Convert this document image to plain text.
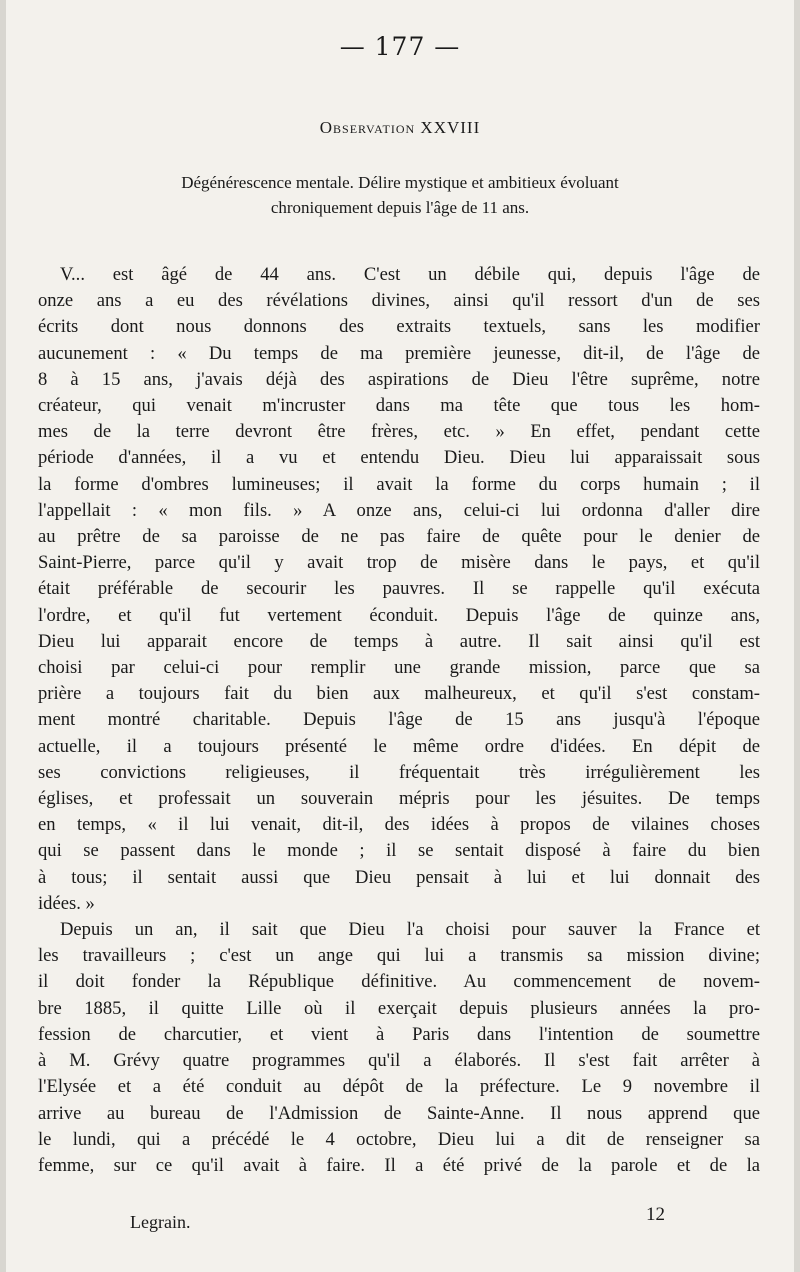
— 177 —
Observation XXVIII
Dégénérescence mentale. Délire mystique et ambitieux évoluant
chroniquement depuis l'âge de 11 ans.
V... est âgé de 44 ans. C'est un débile qui, depuis l'âge de
onze ans a eu des révélations divines, ainsi qu'il ressort d'un de ses
écrits dont nous donnons des extraits textuels, sans les modifier
aucunement : « Du temps de ma première jeunesse, dit-il, de l'âge de
8 à 15 ans, j'avais déjà des aspirations de Dieu l'être suprême, notre
créateur, qui venait m'incruster dans ma tête que tous les hom-
mes de la terre devront être frères, etc. » En effet, pendant cette
période d'années, il a vu et entendu Dieu. Dieu lui apparaissait sous
la forme d'ombres lumineuses; il avait la forme du corps humain ; il
l'appellait : « mon fils. » A onze ans, celui-ci lui ordonna d'aller dire
au prêtre de sa paroisse de ne pas faire de quête pour le denier de
Saint-Pierre, parce qu'il y avait trop de misère dans le pays, et qu'il
était préférable de secourir les pauvres. Il se rappelle qu'il exécuta
l'ordre, et qu'il fut vertement éconduit. Depuis l'âge de quinze ans,
Dieu lui apparait encore de temps à autre. Il sait ainsi qu'il est
choisi par celui-ci pour remplir une grande mission, parce que sa
prière a toujours fait du bien aux malheureux, et qu'il s'est constam-
ment montré charitable. Depuis l'âge de 15 ans jusqu'à l'époque
actuelle, il a toujours présenté le même ordre d'idées. En dépit de
ses convictions religieuses, il fréquentait très irrégulièrement les
églises, et professait un souverain mépris pour les jésuites. De temps
en temps, « il lui venait, dit-il, des idées à propos de vilaines choses
qui se passent dans le monde ; il se sentait disposé à faire du bien
à tous; il sentait aussi que Dieu pensait à lui et lui donnait des
idées. »
Depuis un an, il sait que Dieu l'a choisi pour sauver la France et
les travailleurs ; c'est un ange qui lui a transmis sa mission divine;
il doit fonder la République définitive. Au commencement de novem-
bre 1885, il quitte Lille où il exerçait depuis plusieurs années la pro-
fession de charcutier, et vient à Paris dans l'intention de soumettre
à M. Grévy quatre programmes qu'il a élaborés. Il s'est fait arrêter à
l'Elysée et a été conduit au dépôt de la préfecture. Le 9 novembre il
arrive au bureau de l'Admission de Sainte-Anne. Il nous apprend que
le lundi, qui a précédé le 4 octobre, Dieu lui a dit de renseigner sa
femme, sur ce qu'il avait à faire. Il a été privé de la parole et de la
Legrain.	12
